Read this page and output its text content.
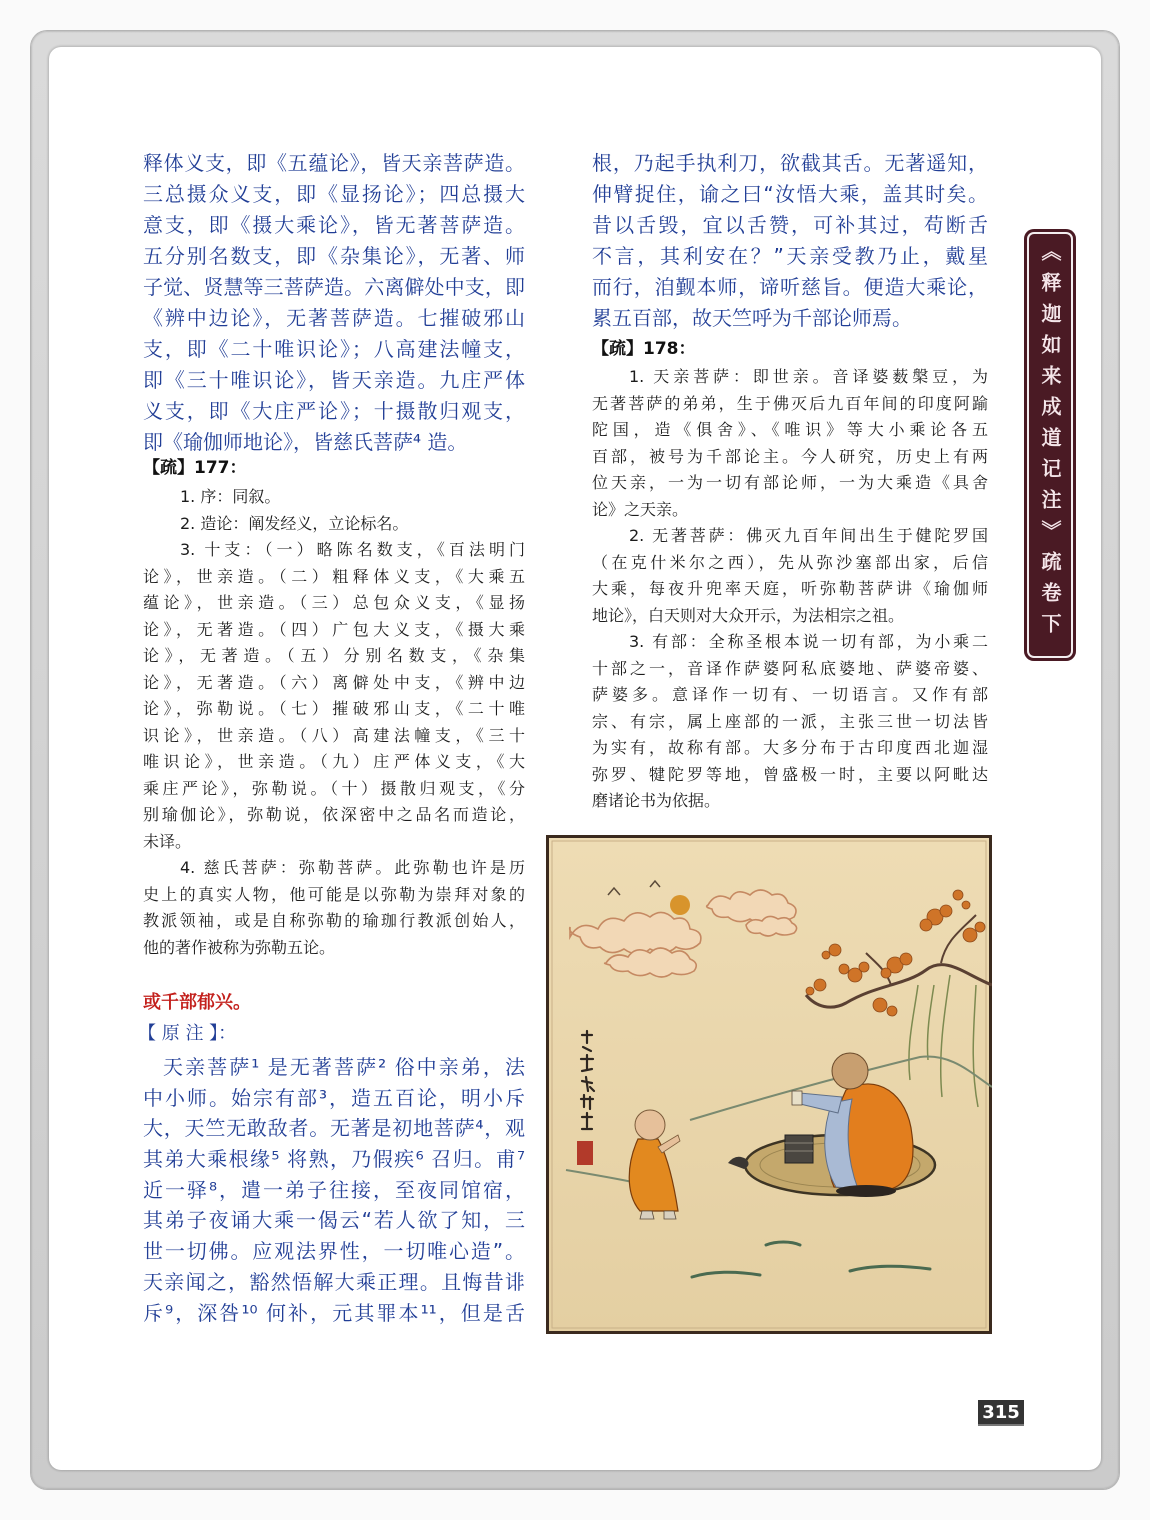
释体义支，即《五蕴论》，皆天亲菩萨造。
三总摄众义支，即《显扬论》；四总摄大
意支，即《摄大乘论》，皆无著菩萨造。
五分别名数支，即《杂集论》，无著、师
子觉、贤慧等三菩萨造。六离僻处中支，即
《辨中边论》，无著菩萨造。七摧破邪山
支，即《二十唯识论》；八高建法幢支，
即《三十唯识论》，皆天亲造。九庄严体
义支，即《大庄严论》；十摄散归观支，
即《瑜伽师地论》，皆慈氏菩萨⁴ 造。
【疏】177：
1. 序：同叙。
2. 造论：阐发经义，立论标名。
3. 十支：（一）略陈名数支，《百法明门
论》，世亲造。（二）粗释体义支，《大乘五
蕴论》，世亲造。（三）总包众义支，《显扬
论》，无著造。（四）广包大义支，《摄大乘
论》，无著造。（五）分别名数支，《杂集
论》，无著造。（六）离僻处中支，《辨中边
论》，弥勒说。（七）摧破邪山支，《二十唯
识论》，世亲造。（八）高建法幢支，《三十
唯识论》，世亲造。（九）庄严体义支，《大
乘庄严论》，弥勒说。（十）摄散归观支，《分
别瑜伽论》，弥勒说，依深密中之品名而造论，
未译。
4. 慈氏菩萨：弥勒菩萨。此弥勒也许是历
史上的真实人物，他可能是以弥勒为崇拜对象的
教派领袖，或是自称弥勒的瑜珈行教派创始人，
他的著作被称为弥勒五论。
或千部郁兴。
【 原 注 】：
天亲菩萨¹ 是无著菩萨² 俗中亲弟，法
中小师。始宗有部³，造五百论，明小斥
大，天竺无敢敌者。无著是初地菩萨⁴，观
其弟大乘根缘⁵ 将熟，乃假疾⁶ 召归。甫⁷
近一驿⁸，遣一弟子往接，至夜同馆宿，
其弟子夜诵大乘一偈云“若人欲了知，三
世一切佛。应观法界性，一切唯心造”。
天亲闻之，豁然悟解大乘正理。且悔昔诽
斥⁹，深咎¹⁰ 何补，元其罪本¹¹，但是舌
根，乃起手执利刀，欲截其舌。无著遥知，
伸臂捉住，谕之曰“汝悟大乘，盖其时矣。
昔以舌毁，宜以舌赞，可补其过，苟断舌
不言，其利安在？”天亲受教乃止，戴星
而行，洎觐本师，谛听慈旨。便造大乘论，
累五百部，故天竺呼为千部论师焉。
【疏】178：
1. 天亲菩萨：即世亲。音译婆薮槃豆，为
无著菩萨的弟弟，生于佛灭后九百年间的印度阿踰
陀国，造《俱舍》、《唯识》等大小乘论各五
百部，被号为千部论主。今人研究，历史上有两
位天亲，一为一切有部论师，一为大乘造《具舍
论》之天亲。
2. 无著菩萨：佛灭九百年间出生于健陀罗国
（在克什米尔之西），先从弥沙塞部出家，后信
大乘，每夜升兜率天庭，听弥勒菩萨讲《瑜伽师
地论》，白天则对大众开示，为法相宗之祖。
3. 有部：全称圣根本说一切有部，为小乘二
十部之一，音译作萨婆阿私底婆地、萨婆帝婆、
萨婆多。意译作一切有、一切语言。又作有部
宗、有宗，属上座部的一派，主张三世一切法皆
为实有，故称有部。大多分布于古印度西北迦湿
弥罗、犍陀罗等地，曾盛极一时，主要以阿毗达
磨诸论书为依据。
《释迦如来成道记注》疏卷下
315
